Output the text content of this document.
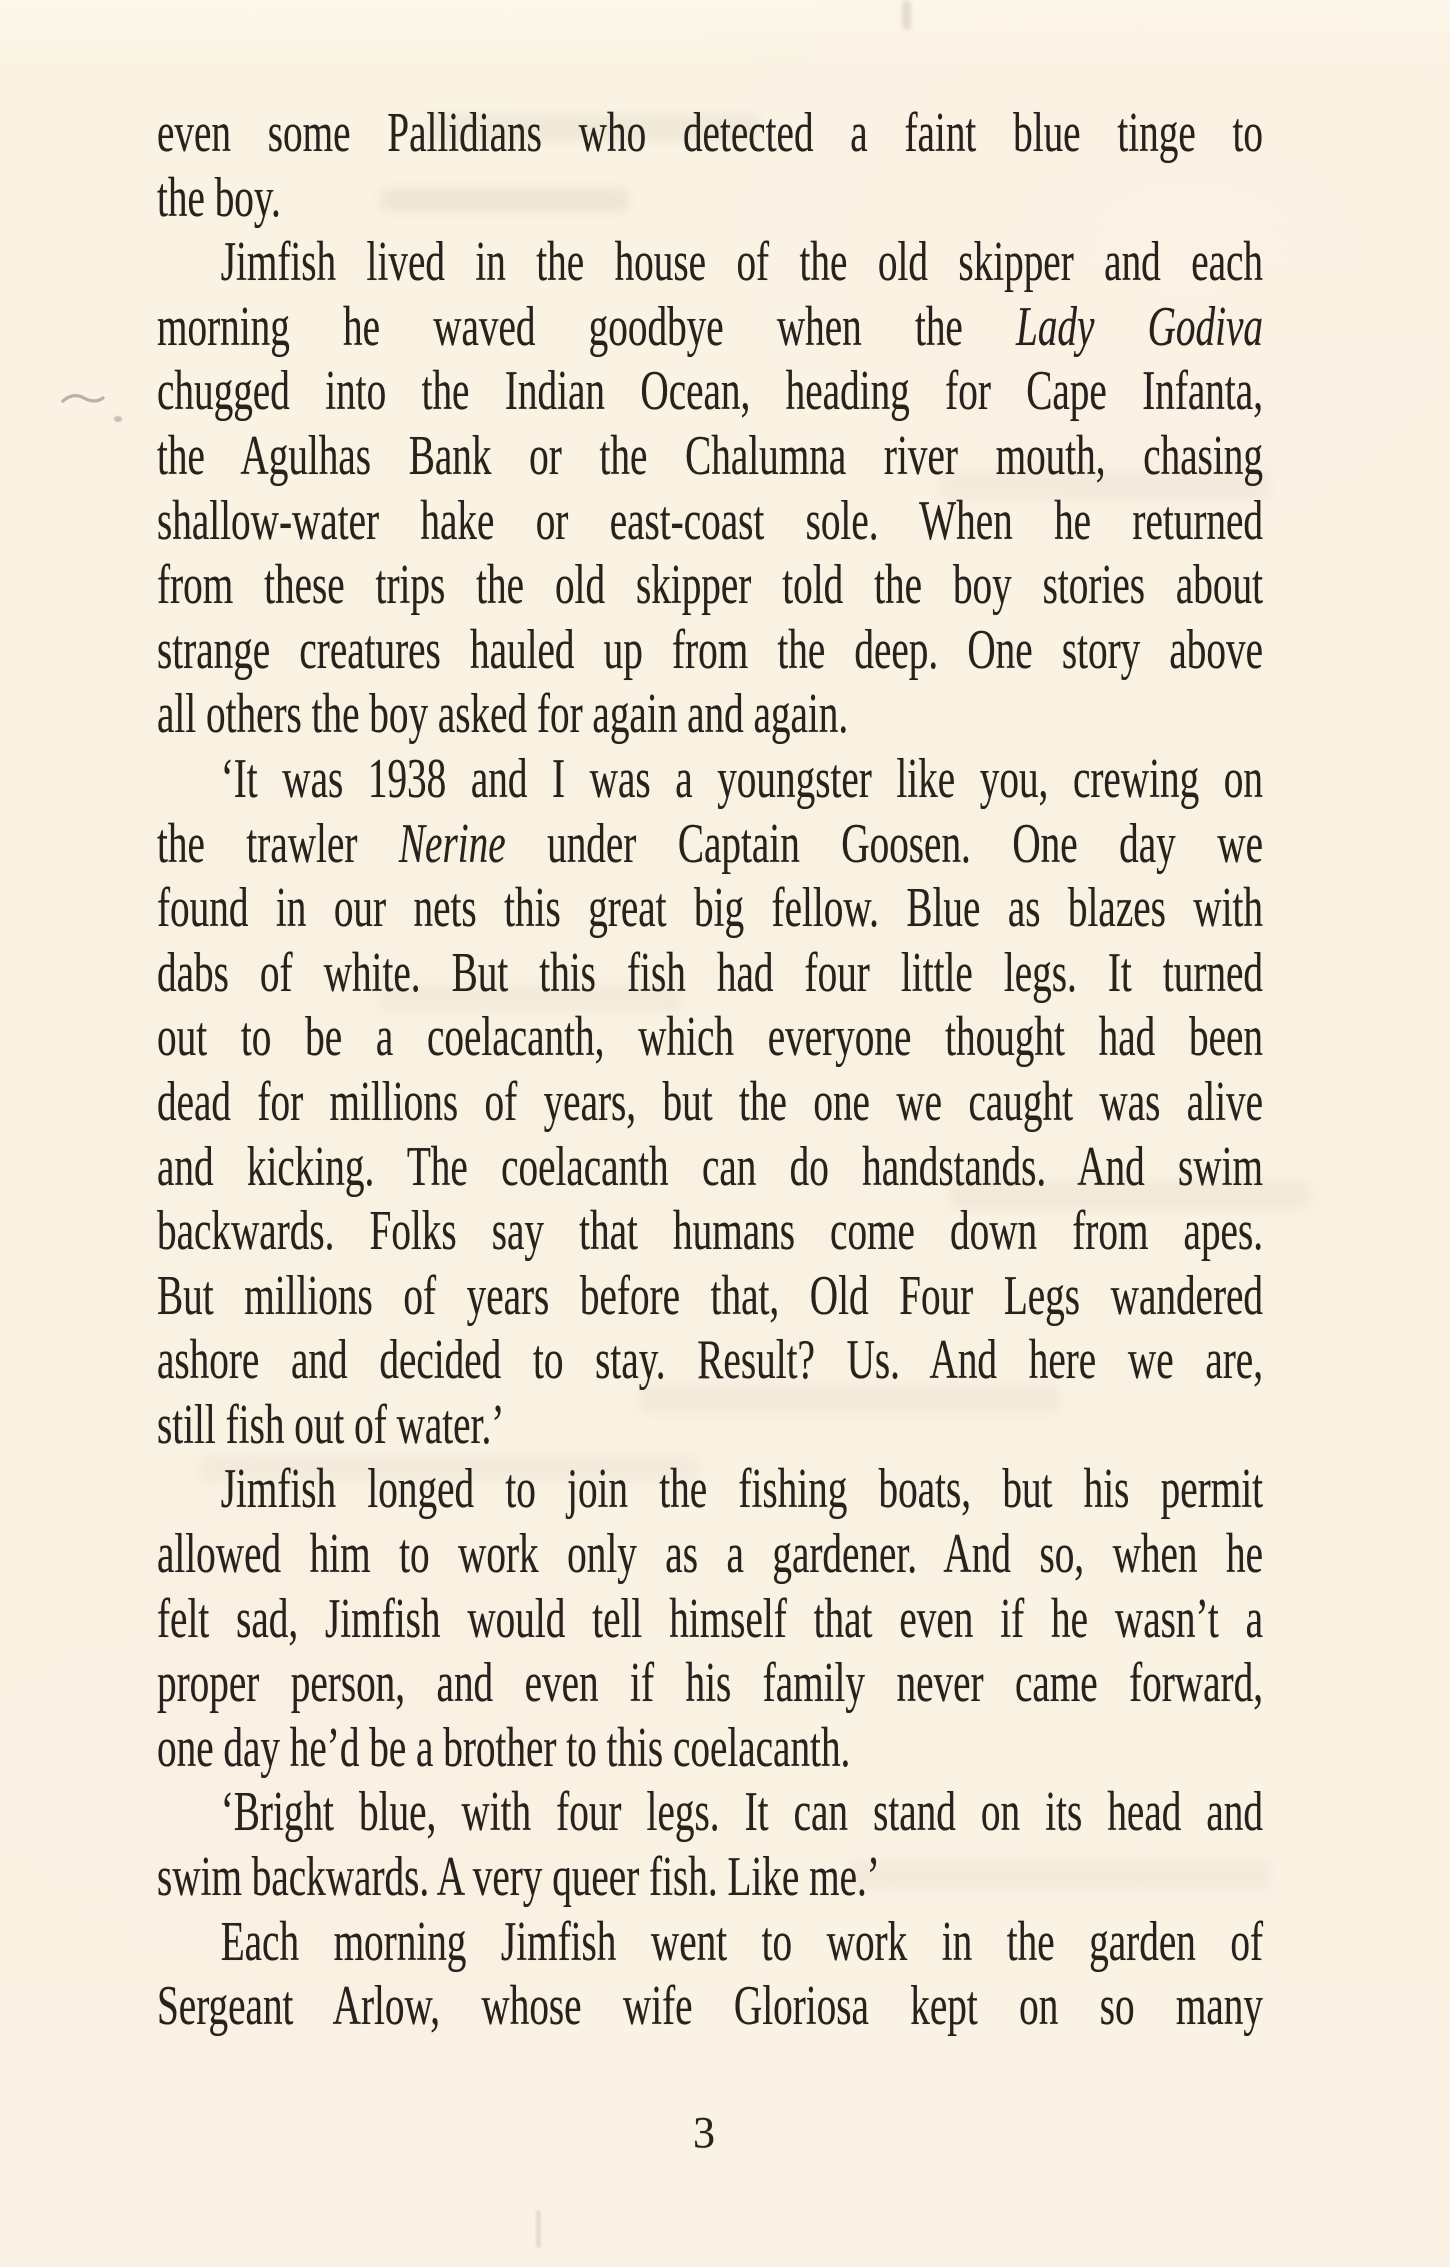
even some Pallidians who detected a faint blue tinge to
the boy.
Jimfish lived in the house of the old skipper and each
morning he waved goodbye when the Lady Godiva
chugged into the Indian Ocean, heading for Cape Infanta,
the Agulhas Bank or the Chalumna river mouth, chasing
shallow-water hake or east-coast sole. When he returned
from these trips the old skipper told the boy stories about
strange creatures hauled up from the deep. One story above
all others the boy asked for again and again.
‘It was 1938 and I was a youngster like you, crewing on
the trawler Nerine under Captain Goosen. One day we
found in our nets this great big fellow. Blue as blazes with
dabs of white. But this fish had four little legs. It turned
out to be a coelacanth, which everyone thought had been
dead for millions of years, but the one we caught was alive
and kicking. The coelacanth can do handstands. And swim
backwards. Folks say that humans come down from apes.
But millions of years before that, Old Four Legs wandered
ashore and decided to stay. Result? Us. And here we are,
still fish out of water.’
Jimfish longed to join the fishing boats, but his permit
allowed him to work only as a gardener. And so, when he
felt sad, Jimfish would tell himself that even if he wasn’t a
proper person, and even if his family never came forward,
one day he’d be a brother to this coelacanth.
‘Bright blue, with four legs. It can stand on its head and
swim backwards. A very queer fish. Like me.’
Each morning Jimfish went to work in the garden of
Sergeant Arlow, whose wife Gloriosa kept on so many
3
